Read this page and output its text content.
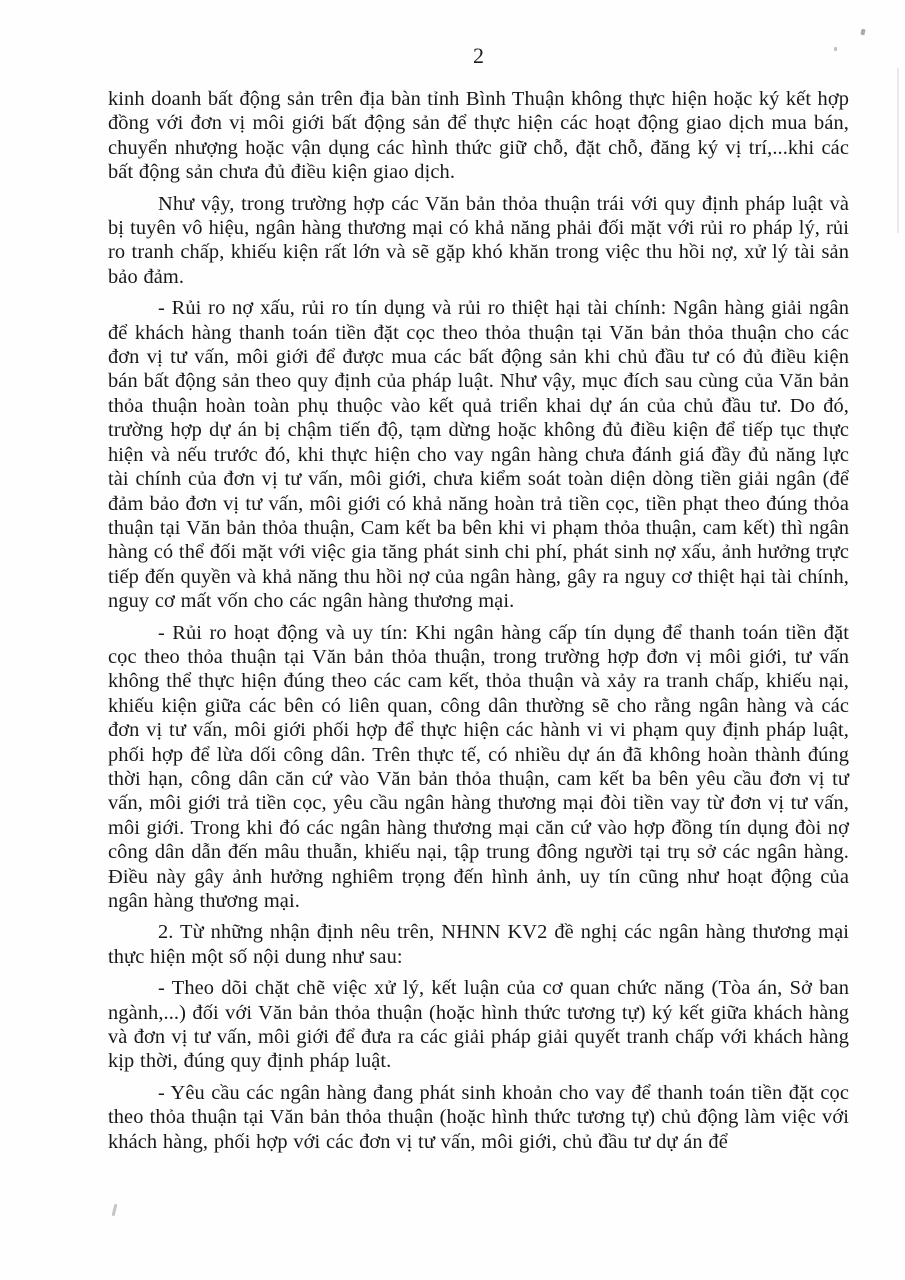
2

kinh doanh bất động sản trên địa bàn tỉnh Bình Thuận không thực hiện hoặc ký kết hợp đồng với đơn vị môi giới bất động sản để thực hiện các hoạt động giao dịch mua bán, chuyển nhượng hoặc vận dụng các hình thức giữ chỗ, đặt chỗ, đăng ký vị trí,...khi các bất động sản chưa đủ điều kiện giao dịch.

Như vậy, trong trường hợp các Văn bản thỏa thuận trái với quy định pháp luật và bị tuyên vô hiệu, ngân hàng thương mại có khả năng phải đối mặt với rủi ro pháp lý, rủi ro tranh chấp, khiếu kiện rất lớn và sẽ gặp khó khăn trong việc thu hồi nợ, xử lý tài sản bảo đảm.

- Rủi ro nợ xấu, rủi ro tín dụng và rủi ro thiệt hại tài chính: Ngân hàng giải ngân để khách hàng thanh toán tiền đặt cọc theo thỏa thuận tại Văn bản thỏa thuận cho các đơn vị tư vấn, môi giới để được mua các bất động sản khi chủ đầu tư có đủ điều kiện bán bất động sản theo quy định của pháp luật. Như vậy, mục đích sau cùng của Văn bản thỏa thuận hoàn toàn phụ thuộc vào kết quả triển khai dự án của chủ đầu tư. Do đó, trường hợp dự án bị chậm tiến độ, tạm dừng hoặc không đủ điều kiện để tiếp tục thực hiện và nếu trước đó, khi thực hiện cho vay ngân hàng chưa đánh giá đầy đủ năng lực tài chính của đơn vị tư vấn, môi giới, chưa kiểm soát toàn diện dòng tiền giải ngân (để đảm bảo đơn vị tư vấn, môi giới có khả năng hoàn trả tiền cọc, tiền phạt theo đúng thỏa thuận tại Văn bản thỏa thuận, Cam kết ba bên khi vi phạm thỏa thuận, cam kết) thì ngân hàng có thể đối mặt với việc gia tăng phát sinh chi phí, phát sinh nợ xấu, ảnh hưởng trực tiếp đến quyền và khả năng thu hồi nợ của ngân hàng, gây ra nguy cơ thiệt hại tài chính, nguy cơ mất vốn cho các ngân hàng thương mại.

- Rủi ro hoạt động và uy tín: Khi ngân hàng cấp tín dụng để thanh toán tiền đặt cọc theo thỏa thuận tại Văn bản thỏa thuận, trong trường hợp đơn vị môi giới, tư vấn không thể thực hiện đúng theo các cam kết, thỏa thuận và xảy ra tranh chấp, khiếu nại, khiếu kiện giữa các bên có liên quan, công dân thường sẽ cho rằng ngân hàng và các đơn vị tư vấn, môi giới phối hợp để thực hiện các hành vi vi phạm quy định pháp luật, phối hợp để lừa dối công dân. Trên thực tế, có nhiều dự án đã không hoàn thành đúng thời hạn, công dân căn cứ vào Văn bản thỏa thuận, cam kết ba bên yêu cầu đơn vị tư vấn, môi giới trả tiền cọc, yêu cầu ngân hàng thương mại đòi tiền vay từ đơn vị tư vấn, môi giới. Trong khi đó các ngân hàng thương mại căn cứ vào hợp đồng tín dụng đòi nợ công dân dẫn đến mâu thuẫn, khiếu nại, tập trung đông người tại trụ sở các ngân hàng. Điều này gây ảnh hưởng nghiêm trọng đến hình ảnh, uy tín cũng như hoạt động của ngân hàng thương mại.

2. Từ những nhận định nêu trên, NHNN KV2 đề nghị các ngân hàng thương mại thực hiện một số nội dung như sau:

- Theo dõi chặt chẽ việc xử lý, kết luận của cơ quan chức năng (Tòa án, Sở ban ngành,...) đối với Văn bản thỏa thuận (hoặc hình thức tương tự) ký kết giữa khách hàng và đơn vị tư vấn, môi giới để đưa ra các giải pháp giải quyết tranh chấp với khách hàng kịp thời, đúng quy định pháp luật.

- Yêu cầu các ngân hàng đang phát sinh khoản cho vay để thanh toán tiền đặt cọc theo thỏa thuận tại Văn bản thỏa thuận (hoặc hình thức tương tự) chủ động làm việc với khách hàng, phối hợp với các đơn vị tư vấn, môi giới, chủ đầu tư dự án để
